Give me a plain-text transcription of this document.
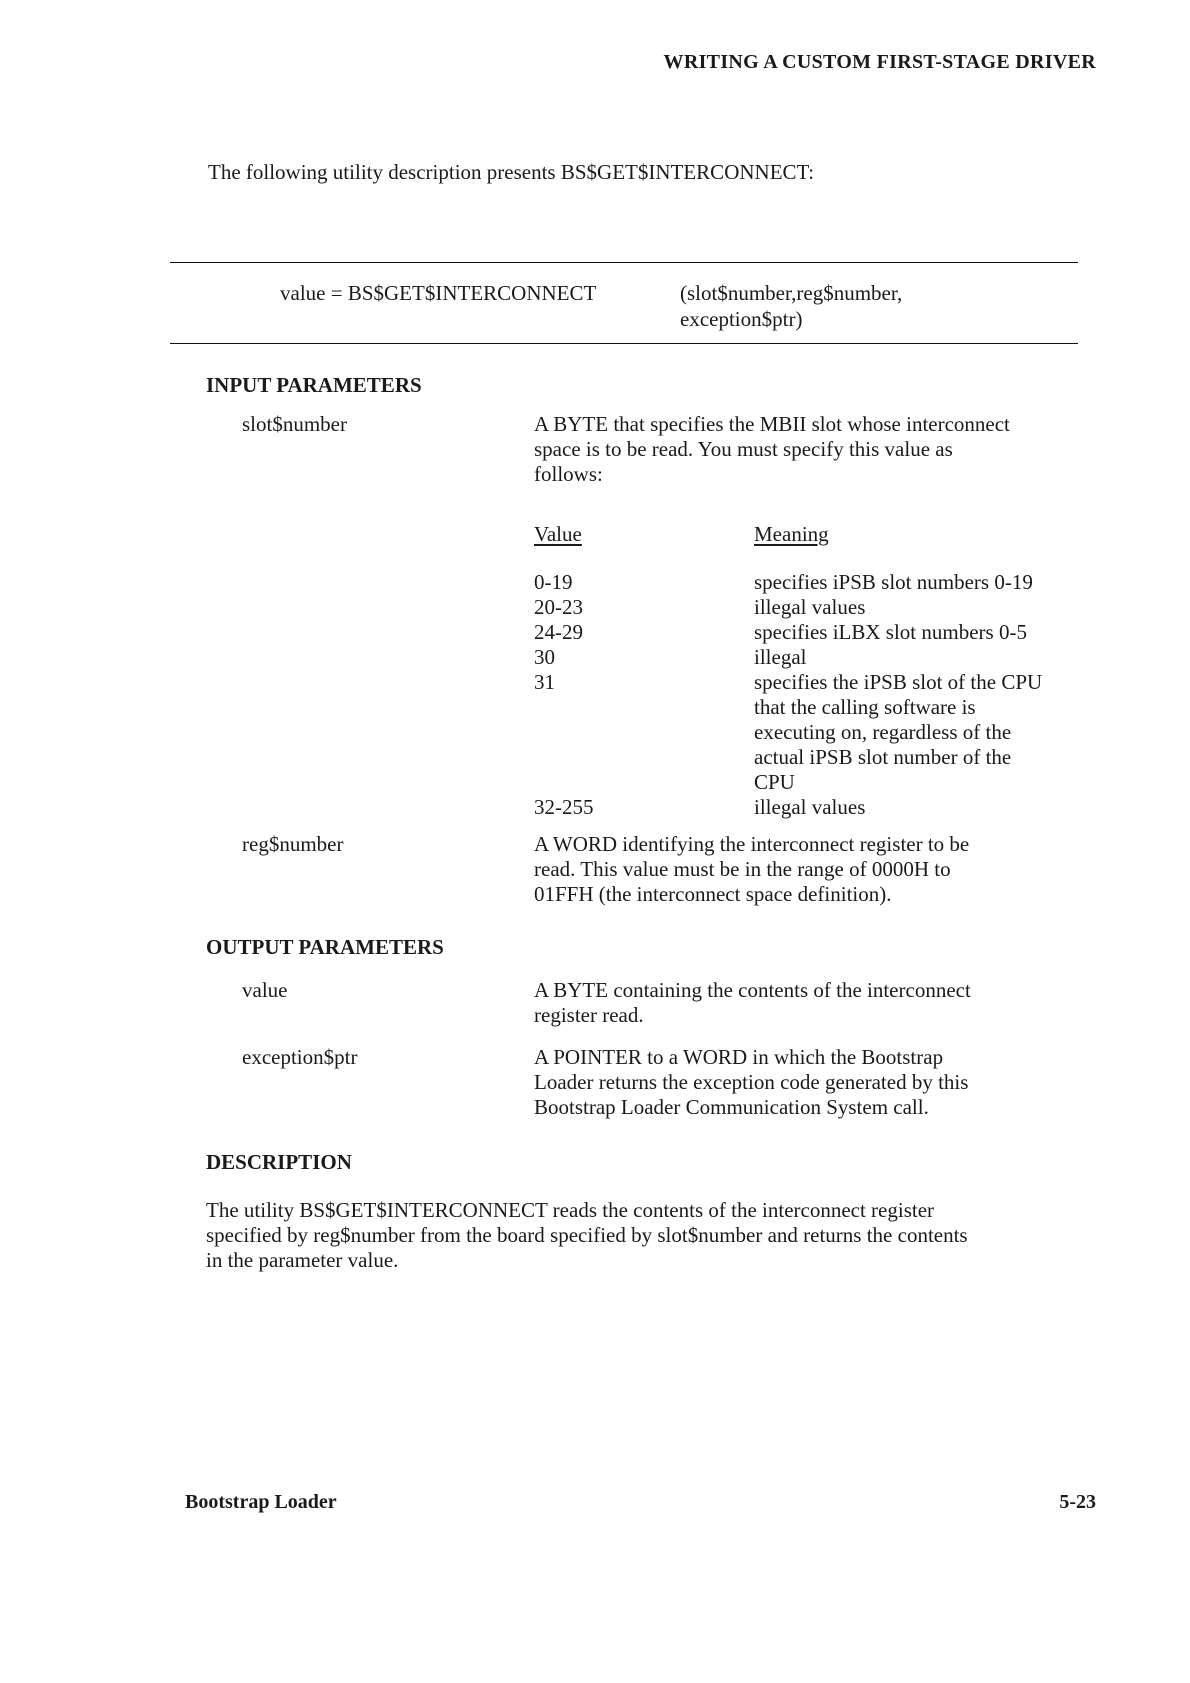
WRITING A CUSTOM FIRST-STAGE DRIVER
The following utility description presents BS$GET$INTERCONNECT:
value = BS$GET$INTERCONNECT	(slot$number,reg$number,
exception$ptr)
INPUT PARAMETERS
slot$number	A BYTE that specifies the MBII slot whose interconnect
space is to be read. You must specify this value as
follows:
Value	Meaning
0-19	specifies iPSB slot numbers 0-19
20-23	illegal values
24-29	specifies iLBX slot numbers 0-5
30	illegal
31	specifies the iPSB slot of the CPU
that the calling software is
executing on, regardless of the
actual iPSB slot number of the
CPU
32-255	illegal values
reg$number	A WORD identifying the interconnect register to be
read. This value must be in the range of 0000H to
01FFH (the interconnect space definition).
OUTPUT PARAMETERS
value	A BYTE containing the contents of the interconnect
register read.
exception$ptr	A POINTER to a WORD in which the Bootstrap
Loader returns the exception code generated by this
Bootstrap Loader Communication System call.
DESCRIPTION
The utility BS$GET$INTERCONNECT reads the contents of the interconnect register
specified by reg$number from the board specified by slot$number and returns the contents
in the parameter value.
Bootstrap Loader	5-23
